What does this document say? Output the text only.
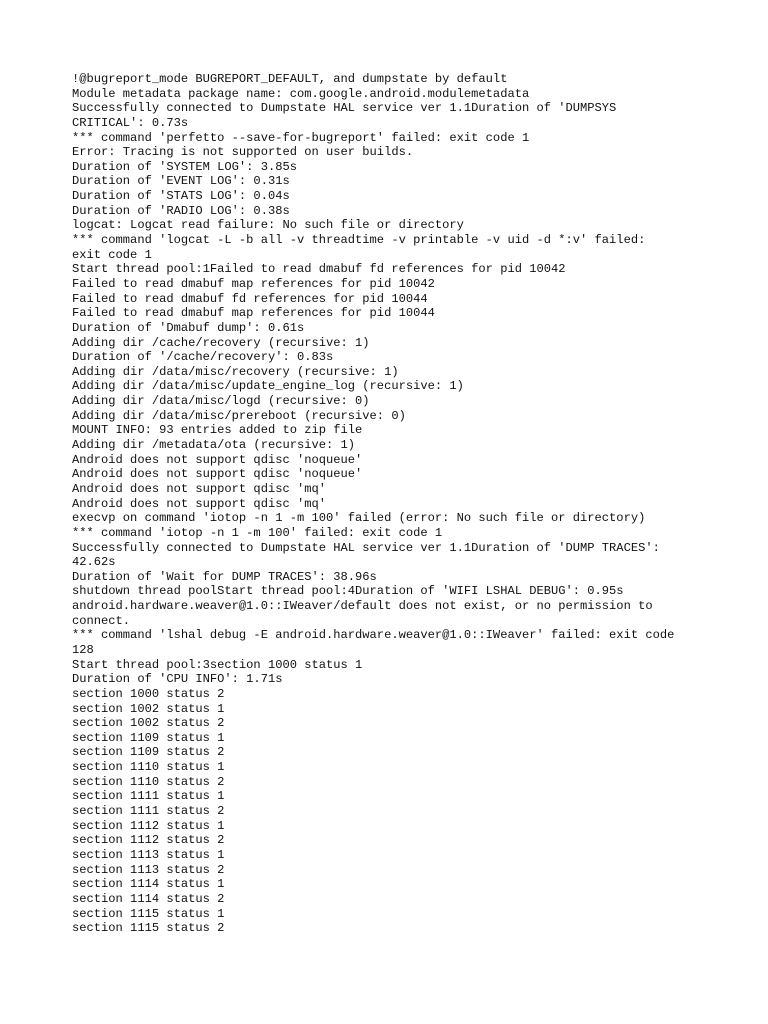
!@bugreport_mode BUGREPORT_DEFAULT, and dumpstate by default
Module metadata package name: com.google.android.modulemetadata
Successfully connected to Dumpstate HAL service ver 1.1Duration of 'DUMPSYS
CRITICAL': 0.73s
*** command 'perfetto --save-for-bugreport' failed: exit code 1
Error: Tracing is not supported on user builds.
Duration of 'SYSTEM LOG': 3.85s
Duration of 'EVENT LOG': 0.31s
Duration of 'STATS LOG': 0.04s
Duration of 'RADIO LOG': 0.38s
logcat: Logcat read failure: No such file or directory
*** command 'logcat -L -b all -v threadtime -v printable -v uid -d *:v' failed:
exit code 1
Start thread pool:1Failed to read dmabuf fd references for pid 10042
Failed to read dmabuf map references for pid 10042
Failed to read dmabuf fd references for pid 10044
Failed to read dmabuf map references for pid 10044
Duration of 'Dmabuf dump': 0.61s
Adding dir /cache/recovery (recursive: 1)
Duration of '/cache/recovery': 0.83s
Adding dir /data/misc/recovery (recursive: 1)
Adding dir /data/misc/update_engine_log (recursive: 1)
Adding dir /data/misc/logd (recursive: 0)
Adding dir /data/misc/prereboot (recursive: 0)
MOUNT INFO: 93 entries added to zip file
Adding dir /metadata/ota (recursive: 1)
Android does not support qdisc 'noqueue'
Android does not support qdisc 'noqueue'
Android does not support qdisc 'mq'
Android does not support qdisc 'mq'
execvp on command 'iotop -n 1 -m 100' failed (error: No such file or directory)
*** command 'iotop -n 1 -m 100' failed: exit code 1
Successfully connected to Dumpstate HAL service ver 1.1Duration of 'DUMP TRACES':
42.62s
Duration of 'Wait for DUMP TRACES': 38.96s
shutdown thread poolStart thread pool:4Duration of 'WIFI LSHAL DEBUG': 0.95s
android.hardware.weaver@1.0::IWeaver/default does not exist, or no permission to
connect.
*** command 'lshal debug -E android.hardware.weaver@1.0::IWeaver' failed: exit code
128
Start thread pool:3section 1000 status 1
Duration of 'CPU INFO': 1.71s
section 1000 status 2
section 1002 status 1
section 1002 status 2
section 1109 status 1
section 1109 status 2
section 1110 status 1
section 1110 status 2
section 1111 status 1
section 1111 status 2
section 1112 status 1
section 1112 status 2
section 1113 status 1
section 1113 status 2
section 1114 status 1
section 1114 status 2
section 1115 status 1
section 1115 status 2
